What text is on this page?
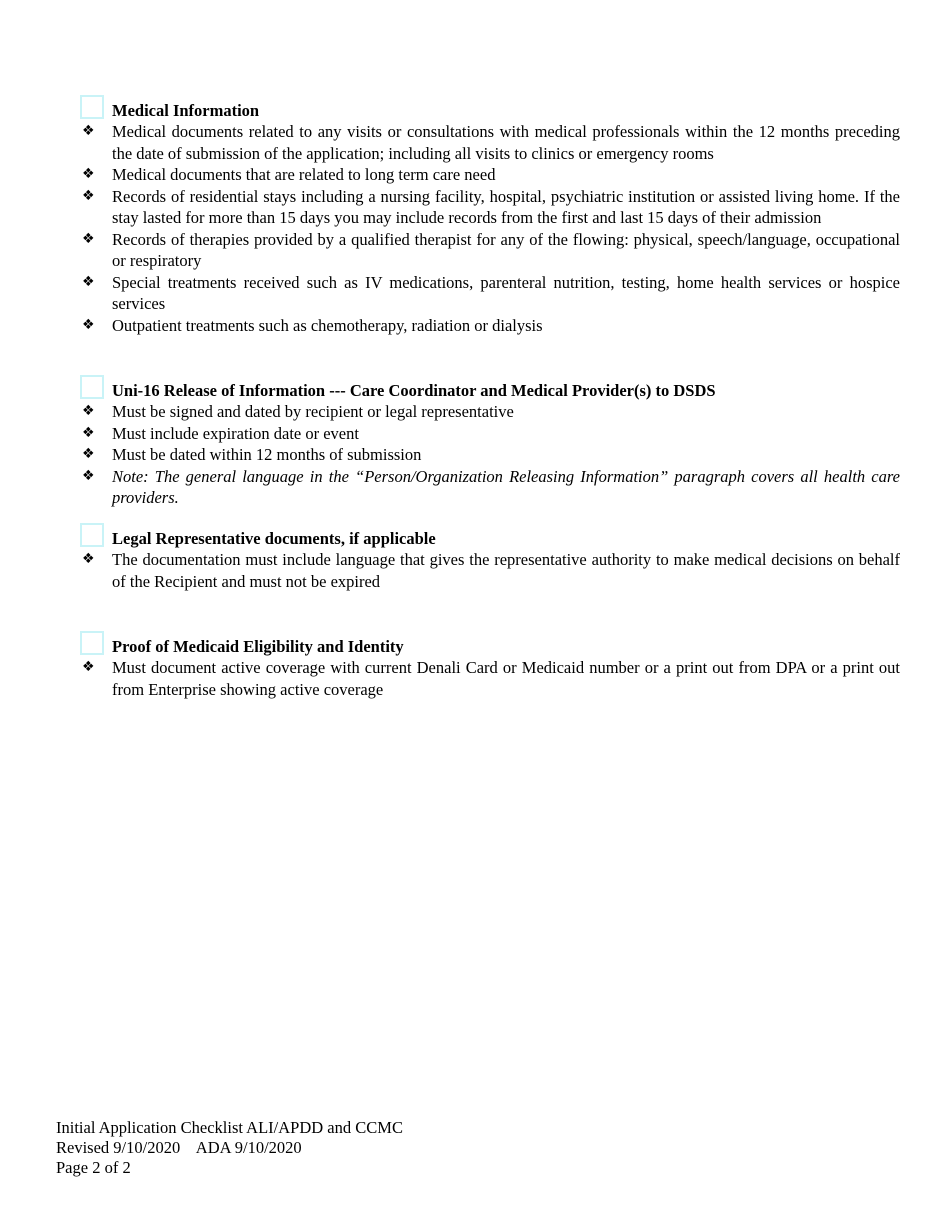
Medical Information
❖	Medical documents related to any visits or consultations with medical professionals within the 12 months preceding the date of submission of the application; including all visits to clinics or emergency rooms
❖	Medical documents that are related to long term care need
❖	Records of residential stays including a nursing facility, hospital, psychiatric institution or assisted living home. If the stay lasted for more than 15 days you may include records from the first and last 15 days of their admission
❖	Records of therapies provided by a qualified therapist for any of the flowing: physical, speech/language, occupational or respiratory
❖	Special treatments received such as IV medications, parenteral nutrition, testing, home health services or hospice services
❖	Outpatient treatments such as chemotherapy, radiation or dialysis
Uni-16 Release of Information --- Care Coordinator and Medical Provider(s) to DSDS
❖	Must be signed and dated by recipient or legal representative
❖	Must include expiration date or event
❖	Must be dated within 12 months of submission
❖	Note: The general language in the “Person/Organization Releasing Information” paragraph covers all health care providers.
Legal Representative documents, if applicable
❖	The documentation must include language that gives the representative authority to make medical decisions on behalf of the Recipient and must not be expired
Proof of Medicaid Eligibility and Identity
❖	Must document active coverage with current Denali Card or Medicaid number or a print out from DPA or a print out from Enterprise showing active coverage
Initial Application Checklist ALI/APDD and CCMC
Revised 9/10/2020    ADA 9/10/2020
Page 2 of 2
